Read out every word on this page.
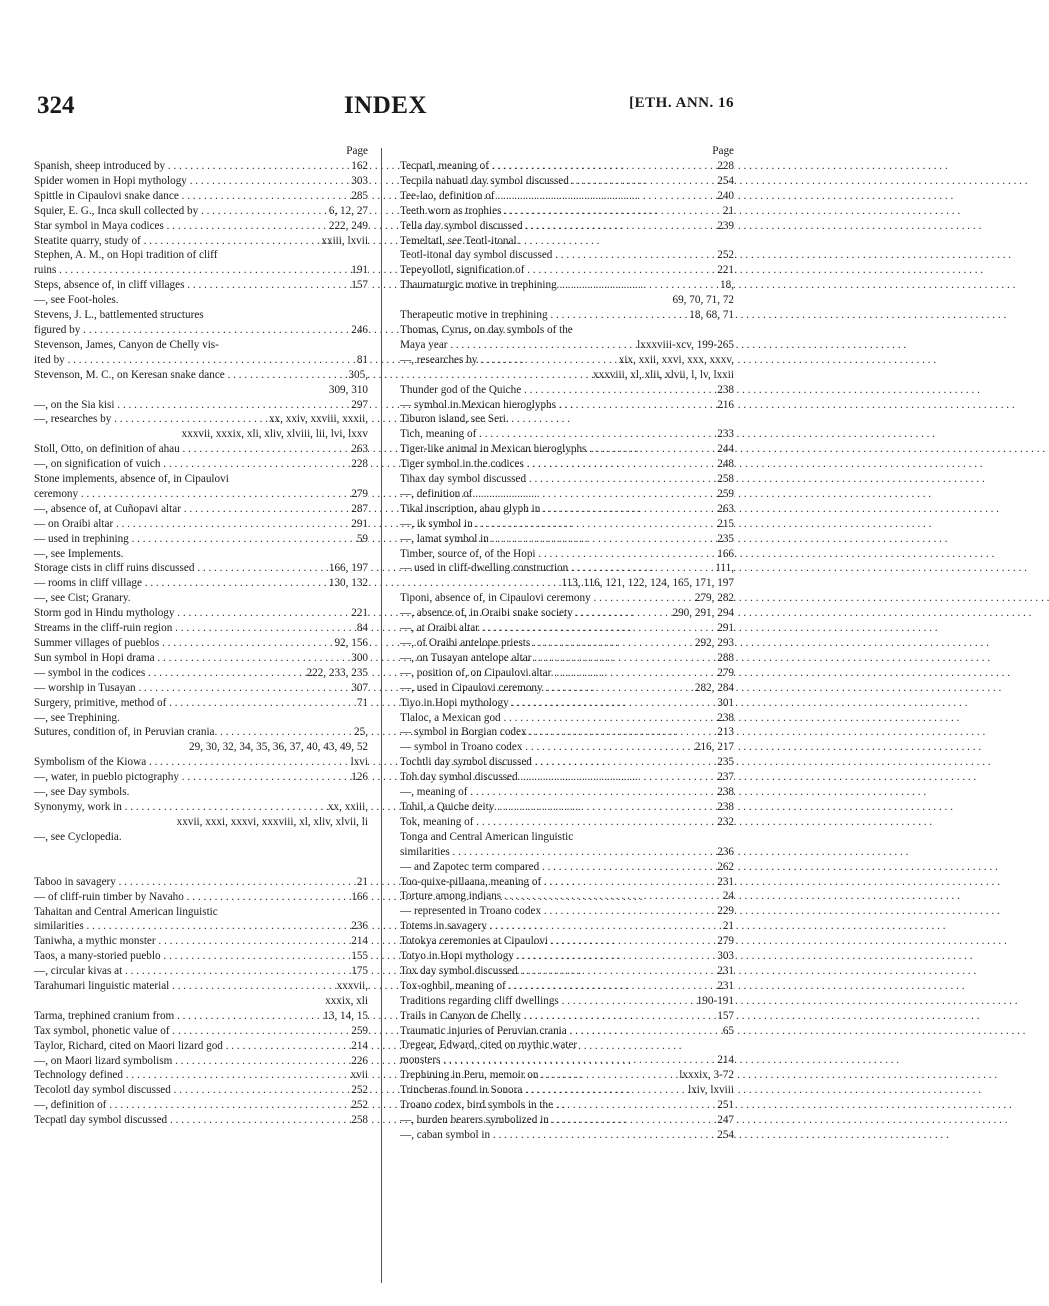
324	INDEX	[ETH. ANN. 16
Page
162
Spanish, sheep introduced by . . .
303
Spider women in Hopi mythology . . .
285
Spittle in Cipaulovi snake dance . . .
6, 12, 27
Squier, E. G., Inca skull collected by . . .
222, 249
Star symbol in Maya codices . . .
xxiii, lxvii
Steatite quarry, study of . . .
Stephen, A. M., on Hopi tradition of cliff
191
ruins . . .
157
Steps, absence of, in cliff villages . . .
—, see Foot-holes.
Stevens, J. L., battlemented structures
246
figured by . . .
Stevenson, James, Canyon de Chelly vis-
81
ited by . . .
305,
Stevenson, M. C., on Keresan snake dance . . .
309, 310
297
—, on the Sia kisi . . .
xx, xxiv, xxviii, xxxii,
—, researches by . . .
xxxvii, xxxix, xli, xliv, xlviii, lii, lvi, lxxv
263
Stoll, Otto, on definition of ahau . . .
228
—, on signification of vuich . . .
Stone implements, absence of, in Cipaulovi
279
ceremony . . .
287
—, absence of, at Cuñopavi altar . . .
291
— on Oraibi altar . . .
59
— used in trephining . . .
—, see Implements.
166, 197
Storage cists in cliff ruins discussed . . .
130, 132
— rooms in cliff village . . .
—, see Cist; Granary.
221
Storm god in Hindu mythology . . .
84
Streams in the cliff-ruin region . . .
92, 156
Summer villages of pueblos . . .
300
Sun symbol in Hopi drama . . .
222, 233, 235
— symbol in the codices . . .
307
— worship in Tusayan . . .
71
Surgery, primitive, method of . . .
—, see Trephining.
25,
Sutures, condition of, in Peruvian crania. . . .
29, 30, 32, 34, 35, 36, 37, 40, 43, 49, 52
lxvi
Symbolism of the Kiowa . . .
126
—, water, in pueblo pictography . . .
—, see Day symbols.
xx, xxiii,
Synonymy, work in . . .
xxvii, xxxi, xxxvi, xxxviii, xl, xliv, xlvii, li
—, see Cyclopedia.
21
Taboo in savagery . . .
166
— of cliff-ruin timber by Navaho . . .
Tahaitan and Central American linguistic
236
similarities . . .
214
Taniwha, a mythic monster . . .
155
Taos, a many-storied pueblo . . .
175
—, circular kivas at . . .
xxxvii,
Tarahumari linguistic material . . .
xxxix, xli
13, 14, 15
Tarma, trephined cranium from . . .
259
Tax symbol, phonetic value of . . .
214
Taylor, Richard, cited on Maori lizard god . . .
226
—, on Maori lizard symbolism . . .
xvii
Technology defined . . .
252
Tecolotl day symbol discussed . . .
252
—, definition of . . .
258
Tecpatl day symbol discussed . . .
Page
228
Tecpatl, meaning of . . .
254
Tecpila nahuatl day symbol discussed . . .
240
Tee-lao, definition of . . .
21
Teeth worn as trophies . . .
239
Tella day symbol discussed . . .
Temeltatl, see Teotl-itonal.
252
Teotl-itonal day symbol discussed . . .
221
Tepeyollotl, signification of . . .
18,
Thaumaturgic motive in trephining . . .
69, 70, 71, 72
18, 68, 71
Therapeutic motive in trephining . . .
Thomas, Cyrus, on day symbols of the
lxxxviii-xcv, 199-265
Maya year . . .
xix, xxii, xxvi, xxx, xxxv,
—, researches by . . .
xxxviii, xl, xlii, xlvii, l, lv, lxxii
238
Thunder god of the Quiche . . .
216
— symbol in Mexican hieroglyphs . . .
Tiburon island, see Seri.
233
Tich, meaning of . . .
244
Tiger-like animal in Mexican hieroglyphs . . .
248
Tiger symbol in the codices . . .
258
Tihax day symbol discussed . . .
259
—, definition of . . .
263
Tikal inscription, ahau glyph in . . .
215
—, ik symbol in . . .
235
—, lamat symbol in . . .
166
Timber, source of, of the Hopi . . .
111,
— used in cliff-dwelling construction . . .
113, 116, 121, 122, 124, 165, 171, 197
279, 282
Tiponi, absence of, in Cipaulovi ceremony . . .
290, 291, 294
—, absence of, in Oraibi snake society . . .
291
—, at Oraibi altar . . .
292, 293
—, of Oraibi antelope priests . . .
288
—, on Tusayan antelope altar . . .
279
—, position of, on Cipaulovi altar . . .
282, 284
—, used in Cipaulovi ceremony . . .
301
Tiyo in Hopi mythology . . .
238
Tlaloc, a Mexican god . . .
213
— symbol in Borgian codex . . .
216, 217
— symbol in Troano codex . . .
235
Tochtli day symbol discussed . . .
237
Toh day symbol discussed . . .
238
—, meaning of . . .
238
Tohil, a Quiche deity . . .
232
Tok, meaning of . . .
Tonga and Central American linguistic
236
similarities . . .
262
— and Zapotec term compared . . .
231
Too-quixe-pillaana, meaning of . . .
24
Torture among indians . . .
229
— represented in Troano codex . . .
21
Totems in savagery . . .
279
Totokya ceremonies at Cipaulovi . . .
303
Totyo in Hopi mythology . . .
231
Tox day symbol discussed . . .
231
Tox-oghbil, meaning of . . .
190-191
Traditions regarding cliff dwellings . . .
157
Trails in Canyon de Chelly . . .
65
Traumatic injuries of Peruvian crania . . .
Tregear, Edward, cited on mythic water
214
monsters . . .
lxxxix, 3-72
Trephining in Peru, memoir on . . .
lxiv, lxviii
Trincheras found in Sonora . . .
251
Troano codex, bird symbols in the . . .
247
—, burden bearers symbolized in . . .
254
—, caban symbol in . . .
